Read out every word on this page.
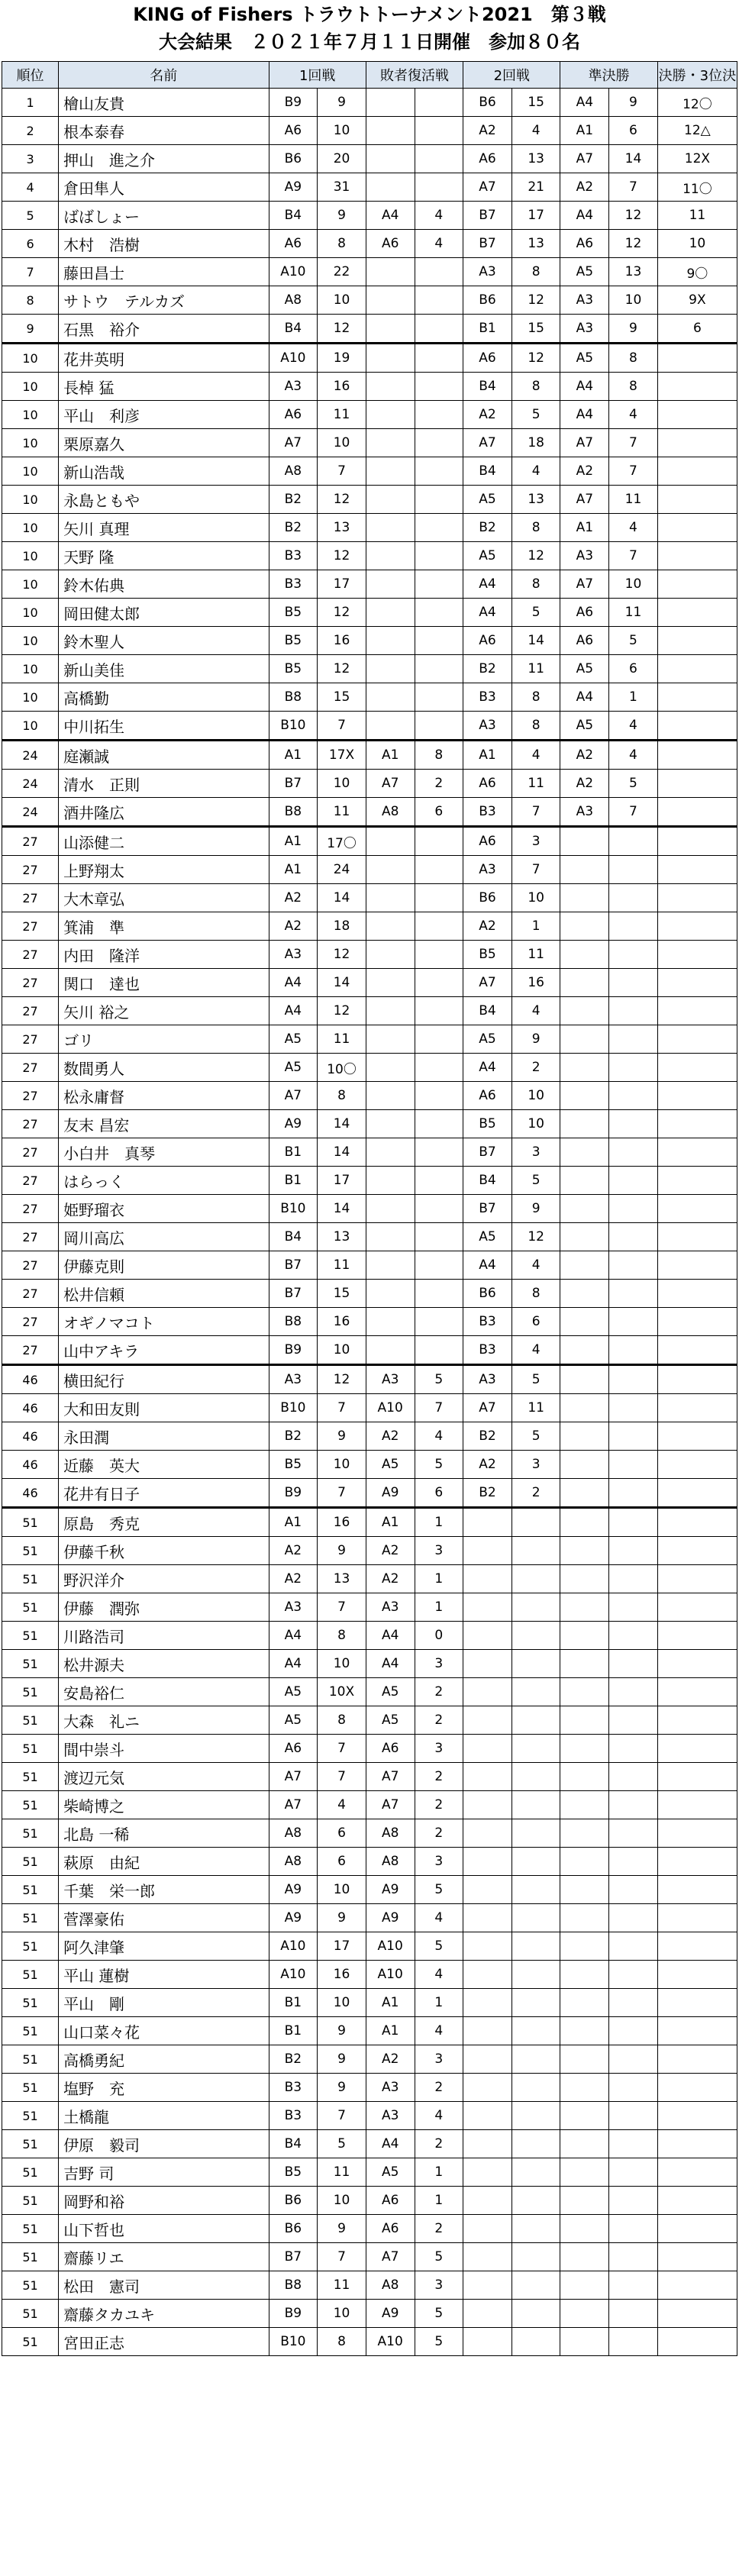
KING of Fishers トラウトトーナメント2021　第３戦
大会結果　２０２１年７月１１日開催　参加８０名
順位	名前	1回戦		敗者復活戦		2回戦		準決勝		決勝・3位決
1	檜山友貴	B9	9			B6	15	A4	9	12〇
2	根本泰春	A6	10			A2	4	A1	6	12△
3	押山　進之介	B6	20			A6	13	A7	14	12X
4	倉田隼人	A9	31			A7	21	A2	7	11〇
5	ばばしょー	B4	9	A4	4	B7	17	A4	12	11
6	木村　浩樹	A6	8	A6	4	B7	13	A6	12	10
7	藤田昌士	A10	22			A3	8	A5	13	9〇
8	サトウ　テルカズ	A8	10			B6	12	A3	10	9X
9	石黒　裕介	B4	12			B1	15	A3	9	6
10	花井英明	A10	19			A6	12	A5	8	
10	長棹 猛	A3	16			B4	8	A4	8	
10	平山　利彦	A6	11			A2	5	A4	4	
10	栗原嘉久	A7	10			A7	18	A7	7	
10	新山浩哉	A8	7			B4	4	A2	7	
10	永島ともや	B2	12			A5	13	A7	11	
10	矢川 真理	B2	13			B2	8	A1	4	
10	天野 隆	B3	12			A5	12	A3	7	
10	鈴木佑典	B3	17			A4	8	A7	10	
10	岡田健太郎	B5	12			A4	5	A6	11	
10	鈴木聖人	B5	16			A6	14	A6	5	
10	新山美佳	B5	12			B2	11	A5	6	
10	高橋勤	B8	15			B3	8	A4	1	
10	中川拓生	B10	7			A3	8	A5	4	
24	庭瀬誠	A1	17X	A1	8	A1	4	A2	4	
24	清水　正則	B7	10	A7	2	A6	11	A2	5	
24	酒井隆広	B8	11	A8	6	B3	7	A3	7	
27	山添健二	A1	17〇			A6	3			
27	上野翔太	A1	24			A3	7			
27	大木章弘	A2	14			B6	10			
27	箕浦　準	A2	18			A2	1			
27	内田　隆洋	A3	12			B5	11			
27	関口　達也	A4	14			A7	16			
27	矢川 裕之	A4	12			B4	4			
27	ゴリ	A5	11			A5	9			
27	数間勇人	A5	10〇			A4	2			
27	松永庸督	A7	8			A6	10			
27	友末 昌宏	A9	14			B5	10			
27	小白井　真琴	B1	14			B7	3			
27	はらっく	B1	17			B4	5			
27	姫野瑠衣	B10	14			B7	9			
27	岡川高広	B4	13			A5	12			
27	伊藤克則	B7	11			A4	4			
27	松井信頼	B7	15			B6	8			
27	オギノマコト	B8	16			B3	6			
27	山中アキラ	B9	10			B3	4			
46	横田紀行	A3	12	A3	5	A3	5			
46	大和田友則	B10	7	A10	7	A7	11			
46	永田潤	B2	9	A2	4	B2	5			
46	近藤　英大	B5	10	A5	5	A2	3			
46	花井有日子	B9	7	A9	6	B2	2			
51	原島　秀克	A1	16	A1	1					
51	伊藤千秋	A2	9	A2	3					
51	野沢洋介	A2	13	A2	1					
51	伊藤　潤弥	A3	7	A3	1					
51	川路浩司	A4	8	A4	0					
51	松井源夫	A4	10	A4	3					
51	安島裕仁	A5	10X	A5	2					
51	大森　礼ニ	A5	8	A5	2					
51	間中崇斗	A6	7	A6	3					
51	渡辺元気	A7	7	A7	2					
51	柴崎博之	A7	4	A7	2					
51	北島 一稀	A8	6	A8	2					
51	萩原　由紀	A8	6	A8	3					
51	千葉　栄一郎	A9	10	A9	5					
51	菅澤豪佑	A9	9	A9	4					
51	阿久津肇	A10	17	A10	5					
51	平山 蓮樹	A10	16	A10	4					
51	平山　剛	B1	10	A1	1					
51	山口菜々花	B1	9	A1	4					
51	高橋勇紀	B2	9	A2	3					
51	塩野　充	B3	9	A3	2					
51	土橋龍	B3	7	A3	4					
51	伊原　毅司	B4	5	A4	2					
51	吉野 司	B5	11	A5	1					
51	岡野和裕	B6	10	A6	1					
51	山下哲也	B6	9	A6	2					
51	齋藤リエ	B7	7	A7	5					
51	松田　憲司	B8	11	A8	3					
51	齋藤タカユキ	B9	10	A9	5					
51	宮田正志	B10	8	A10	5					
